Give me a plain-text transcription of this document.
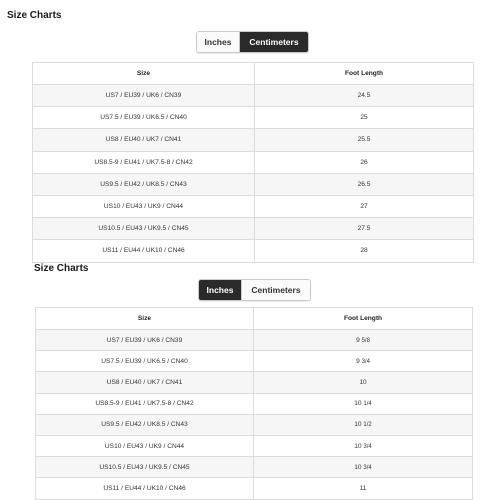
Size Charts
Inches	Centimeters
Size	Foot Length
US7 / EU39 / UK6 / CN39	24.5
US7.5 / EU39 / UK6.5 / CN40	25
US8 / EU40 / UK7 / CN41	25.5
US8.5-9 / EU41 / UK7.5-8 / CN42	26
US9.5 / EU42 / UK8.5 / CN43	26.5
US10 / EU43 / UK9 / CN44	27
US10.5 / EU43 / UK9.5 / CN45	27.5
US11 / EU44 / UK10 / CN46	28
Size Charts
Inches	Centimeters
Size	Foot Length
US7 / EU39 / UK6 / CN39	9 5/8
US7.5 / EU39 / UK6.5 / CN40	9 3/4
US8 / EU40 / UK7 / CN41	10
US8.5-9 / EU41 / UK7.5-8 / CN42	10 1/4
US9.5 / EU42 / UK8.5 / CN43	10 1/2
US10 / EU43 / UK9 / CN44	10 3/4
US10.5 / EU43 / UK9.5 / CN45	10 3/4
US11 / EU44 / UK10 / CN46	11
